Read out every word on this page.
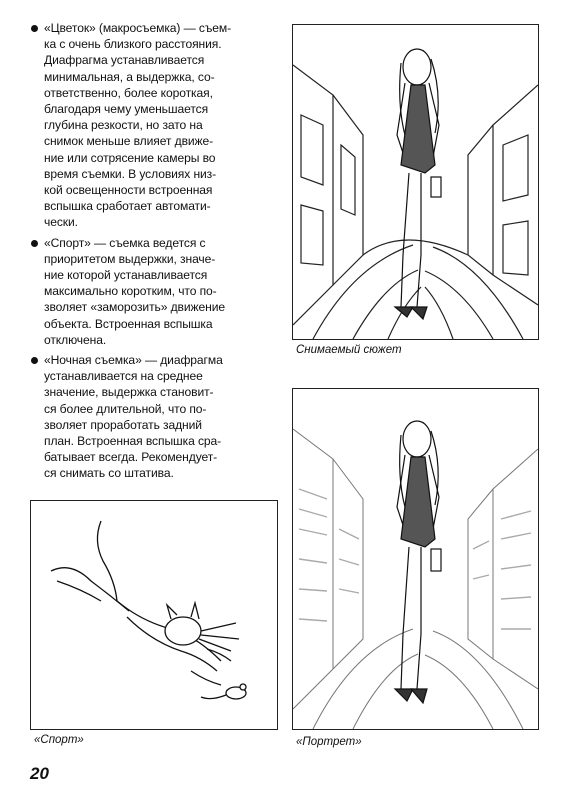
«Цветок» (макросъемка) — съем-
ка с очень близкого расстояния.
Диафрагма устанавливается
минимальная, а выдержка, со-
ответственно, более короткая,
благодаря чему уменьшается
глубина резкости, но зато на
снимок меньше влияет движе-
ние или сотрясение камеры во
время съемки. В условиях низ-
кой освещенности встроенная
вспышка сработает автомати-
чески.
«Спорт» — съемка ведется с
приоритетом выдержки, значе-
ние которой устанавливается
максимально коротким, что по-
зволяет «заморозить» движение
объекта. Встроенная вспышка
отключена.
«Ночная съемка» — диафрагма
устанавливается на среднее
значение, выдержка становит-
ся более длительной, что по-
зволяет проработать задний
план. Встроенная вспышка сра-
батывает всегда. Рекомендует-
ся снимать со штатива.
Снимаемый сюжет
«Портрет»
«Спорт»
20
